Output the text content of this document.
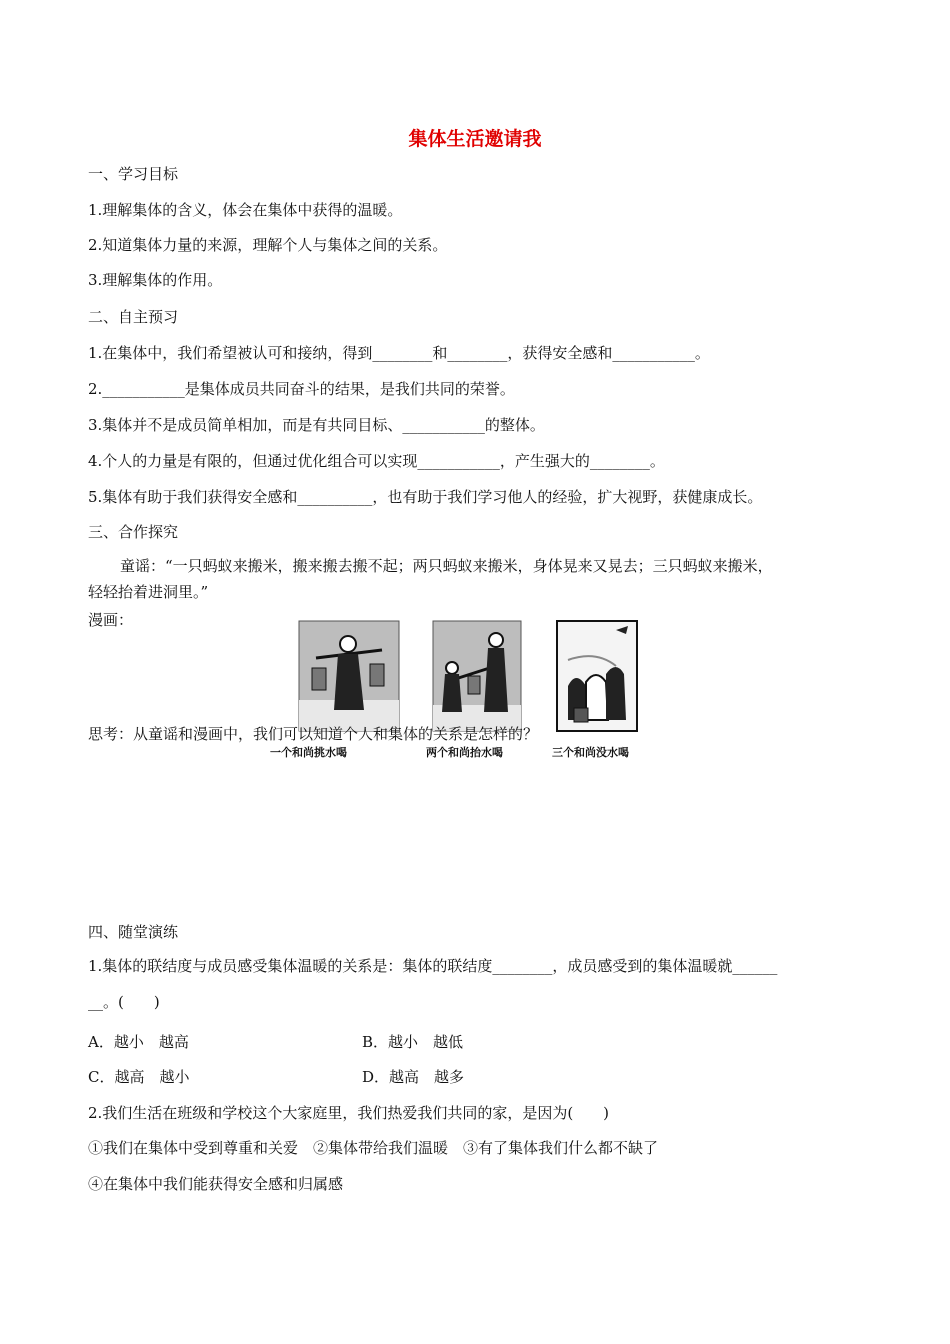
集体生活邀请我
一、学习目标
1.理解集体的含义，体会在集体中获得的温暖。
2.知道集体力量的来源，理解个人与集体之间的关系。
3.理解集体的作用。
二、自主预习
1.在集体中，我们希望被认可和接纳，得到________和________，获得安全感和___________。
2.___________是集体成员共同奋斗的结果，是我们共同的荣誉。
3.集体并不是成员简单相加，而是有共同目标、___________的整体。
4.个人的力量是有限的，但通过优化组合可以实现___________，产生强大的________。
5.集体有助于我们获得安全感和__________，也有助于我们学习他人的经验，扩大视野，获健康成长。
三、合作探究
童谣：“一只蚂蚁来搬米，搬来搬去搬不起；两只蚂蚁来搬米，身体晃来又晃去；三只蚂蚁来搬米，
轻轻抬着进洞里。”
漫画：
一个和尚挑水喝	两个和尚抬水喝	三个和尚没水喝
思考：从童谣和漫画中，我们可以知道个人和集体的关系是怎样的？
四、随堂演练
1.集体的联结度与成员感受集体温暖的关系是：集体的联结度________，成员感受到的集体温暖就______
__。(　　)
A．越小　越高	B．越小　越低
C．越高　越小	D．越高　越多
2.我们生活在班级和学校这个大家庭里，我们热爱我们共同的家，是因为(　　)
①我们在集体中受到尊重和关爱　②集体带给我们温暖　③有了集体我们什么都不缺了
④在集体中我们能获得安全感和归属感
